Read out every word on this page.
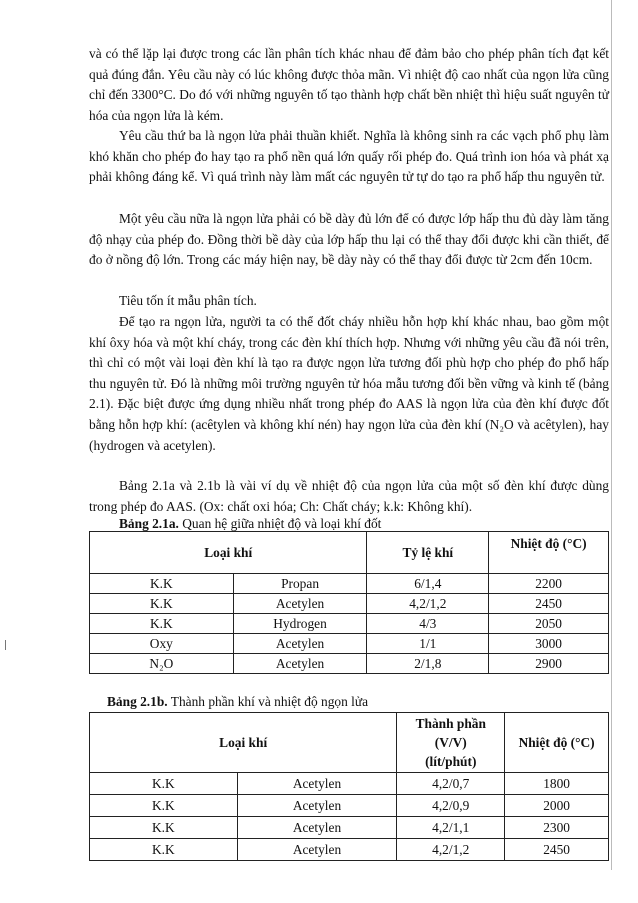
ǀ

và có thể lặp lại được trong các lần phân tích khác nhau để đảm bảo cho phép phân tích đạt kết quả đúng đắn. Yêu cầu này có lúc không được thỏa mãn. Vì nhiệt độ cao nhất của ngọn lửa cũng chỉ đến 3300°C. Do đó với những nguyên tố tạo thành hợp chất bền nhiệt thì hiệu suất nguyên tử hóa của ngọn lửa là kém.

Yêu cầu thứ ba là ngọn lửa phải thuần khiết. Nghĩa là không sinh ra các vạch phổ phụ làm khó khăn cho phép đo hay tạo ra phổ nền quá lớn quấy rối phép đo. Quá trình ion hóa và phát xạ phải không đáng kể. Vì quá trình này làm mất các nguyên tử tự do tạo ra phổ hấp thu nguyên tử.

Một yêu cầu nữa là ngọn lửa phải có bề dày đủ lớn để có được lớp hấp thu đủ dày làm tăng độ nhạy của phép đo. Đồng thời bề dày của lớp hấp thu lại có thể thay đổi được khi cần thiết, để đo ở nồng độ lớn. Trong các máy hiện nay, bề dày này có thể thay đổi được từ 2cm đến 10cm.

Tiêu tốn ít mẫu phân tích.

Để tạo ra ngọn lửa, người ta có thể đốt cháy nhiều hỗn hợp khí khác nhau, bao gồm một khí ôxy hóa và một khí cháy, trong các đèn khí thích hợp. Nhưng với những yêu cầu đã nói trên, thì chỉ có một vài loại đèn khí là tạo ra được ngọn lửa tương đối phù hợp cho phép đo phổ hấp thu nguyên tử. Đó là những môi trường nguyên tử hóa mẫu tương đối bền vững và kinh tế (bảng 2.1). Đặc biệt được ứng dụng nhiều nhất trong phép đo AAS là ngọn lửa của đèn khí được đốt bằng hỗn hợp khí: (acêtylen và không khí nén) hay ngọn lửa của đèn khí (N₂O và acêtylen), hay (hydrogen và acetylen).

Bảng 2.1a và 2.1b là vài ví dụ về nhiệt độ của ngọn lửa của một số đèn khí được dùng trong phép đo AAS. (Ox: chất oxi hóa; Ch: Chất cháy; k.k: Không khí).

Bảng 2.1a. Quan hệ giữa nhiệt độ và loại khí đốt

Loại khí		Tỷ lệ khí	Nhiệt độ (°C)
K.K	Propan	6/1,4	2200
K.K	Acetylen	4,2/1,2	2450
K.K	Hydrogen	4/3	2050
Oxy	Acetylen	1/1	3000
N₂O	Acetylen	2/1,8	2900

Bảng 2.1b. Thành phần khí và nhiệt độ ngọn lửa

Loại khí		Thành phần
(V/V)
(lít/phút)	Nhiệt độ (°C)
K.K	Acetylen	4,2/0,7	1800
K.K	Acetylen	4,2/0,9	2000
K.K	Acetylen	4,2/1,1	2300
K.K	Acetylen	4,2/1,2	2450
